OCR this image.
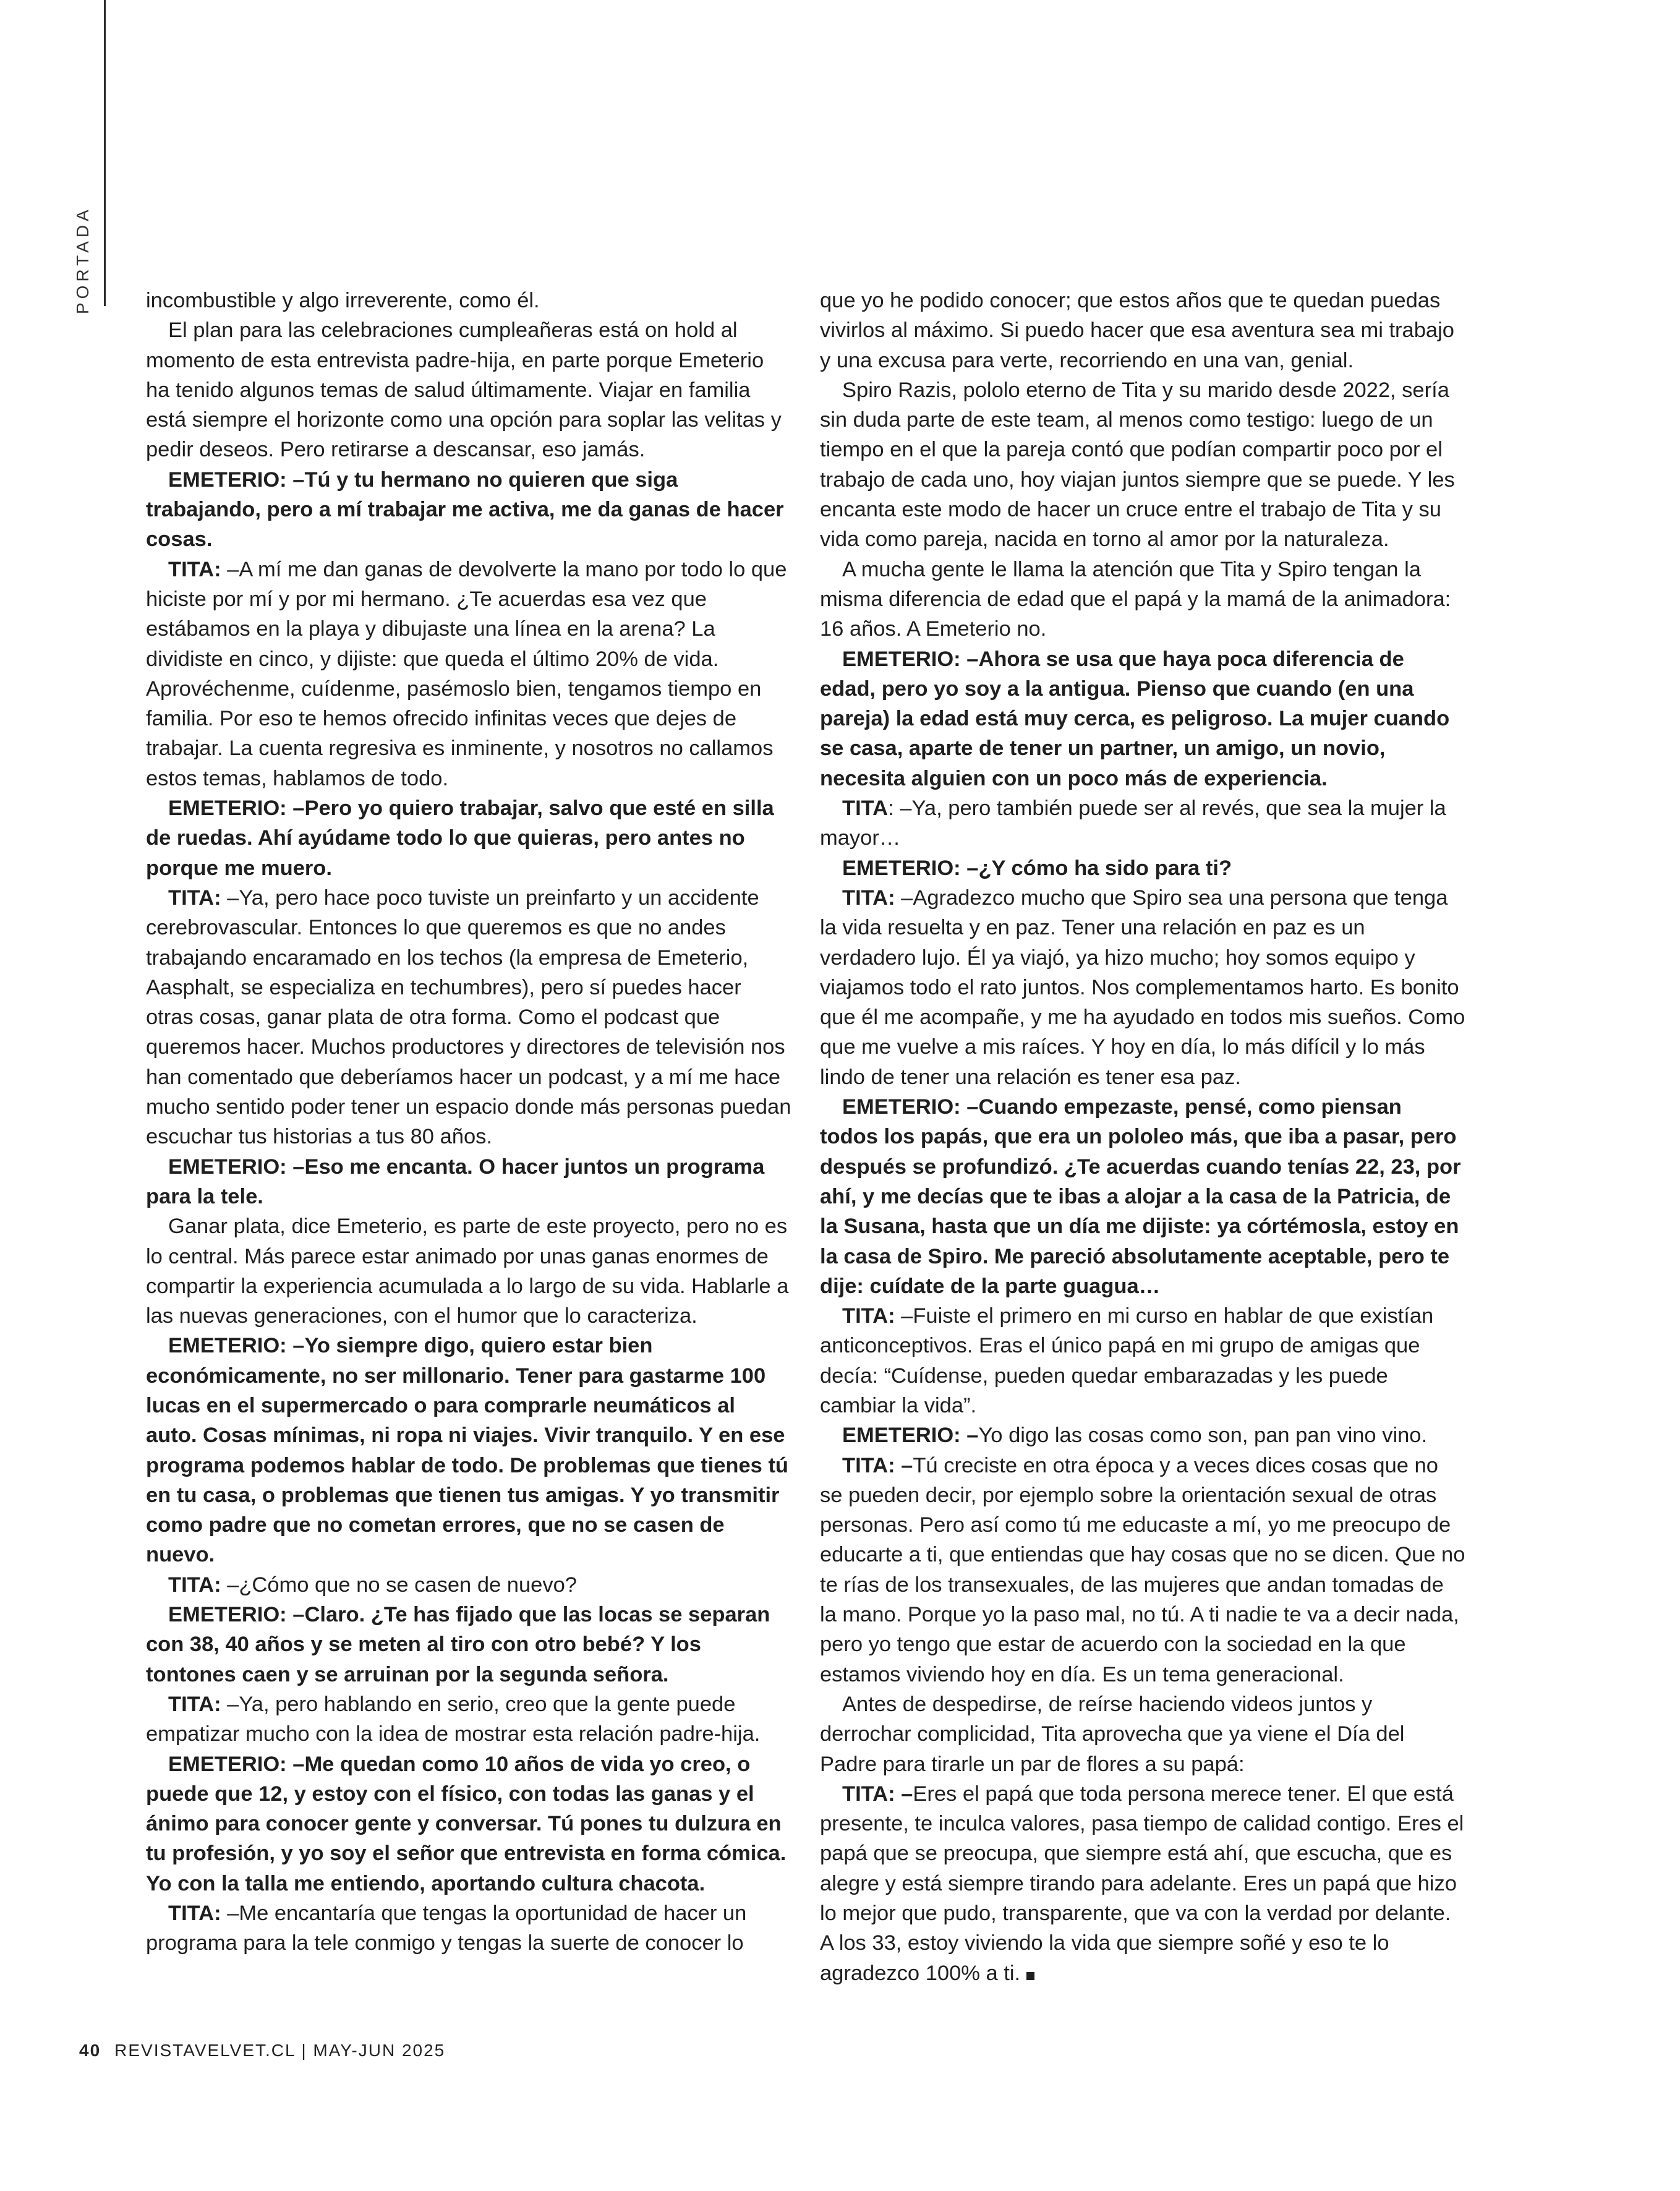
PORTADA	incombustible y algo irreverente, como él.

El plan para las celebraciones cumpleañeras está on hold al momento de esta entrevista padre-hija, en parte porque Emeterio ha tenido algunos temas de salud últimamente. Viajar en familia está siempre el horizonte como una opción para soplar las velitas y pedir deseos. Pero retirarse a descansar, eso jamás.

EMETERIO: –Tú y tu hermano no quieren que siga trabajando, pero a mí trabajar me activa, me da ganas de hacer cosas.

TITA: –A mí me dan ganas de devolverte la mano por todo lo que hiciste por mí y por mi hermano. ¿Te acuerdas esa vez que estábamos en la playa y dibujaste una línea en la arena? La dividiste en cinco, y dijiste: que queda el último 20% de vida. Aprovéchenme, cuídenme, pasémoslo bien, tengamos tiempo en familia. Por eso te hemos ofrecido infinitas veces que dejes de trabajar. La cuenta regresiva es inminente, y nosotros no callamos estos temas, hablamos de todo.

EMETERIO: –Pero yo quiero trabajar, salvo que esté en silla de ruedas. Ahí ayúdame todo lo que quieras, pero antes no porque me muero.

TITA: –Ya, pero hace poco tuviste un preinfarto y un accidente cerebrovascular. Entonces lo que queremos es que no andes trabajando encaramado en los techos (la empresa de Emeterio, Aasphalt, se especializa en techumbres), pero sí puedes hacer otras cosas, ganar plata de otra forma. Como el podcast que queremos hacer. Muchos productores y directores de televisión nos han comentado que deberíamos hacer un podcast, y a mí me hace mucho sentido poder tener un espacio donde más personas puedan escuchar tus historias a tus 80 años.

EMETERIO: –Eso me encanta. O hacer juntos un programa para la tele.

Ganar plata, dice Emeterio, es parte de este proyecto, pero no es lo central. Más parece estar animado por unas ganas enormes de compartir la experiencia acumulada a lo largo de su vida. Hablarle a las nuevas generaciones, con el humor que lo caracteriza.

EMETERIO: –Yo siempre digo, quiero estar bien económicamente, no ser millonario. Tener para gastarme 100 lucas en el supermercado o para comprarle neumáticos al auto. Cosas mínimas, ni ropa ni viajes. Vivir tranquilo. Y en ese programa podemos hablar de todo. De problemas que tienes tú en tu casa, o problemas que tienen tus amigas. Y yo transmitir como padre que no cometan errores, que no se casen de nuevo.

TITA: –¿Cómo que no se casen de nuevo?

EMETERIO: –Claro. ¿Te has fijado que las locas se separan con 38, 40 años y se meten al tiro con otro bebé? Y los tontones caen y se arruinan por la segunda señora.

TITA: –Ya, pero hablando en serio, creo que la gente puede empatizar mucho con la idea de mostrar esta relación padre-hija.

EMETERIO: –Me quedan como 10 años de vida yo creo, o puede que 12, y estoy con el físico, con todas las ganas y el ánimo para conocer gente y conversar. Tú pones tu dulzura en tu profesión, y yo soy el señor que entrevista en forma cómica. Yo con la talla me entiendo, aportando cultura chacota.

TITA: –Me encantaría que tengas la oportunidad de hacer un programa para la tele conmigo y tengas la suerte de conocer lo

que yo he podido conocer; que estos años que te quedan puedas vivirlos al máximo. Si puedo hacer que esa aventura sea mi trabajo y una excusa para verte, recorriendo en una van, genial.

Spiro Razis, pololo eterno de Tita y su marido desde 2022, sería sin duda parte de este team, al menos como testigo: luego de un tiempo en el que la pareja contó que podían compartir poco por el trabajo de cada uno, hoy viajan juntos siempre que se puede. Y les encanta este modo de hacer un cruce entre el trabajo de Tita y su vida como pareja, nacida en torno al amor por la naturaleza.

A mucha gente le llama la atención que Tita y Spiro tengan la misma diferencia de edad que el papá y la mamá de la animadora: 16 años. A Emeterio no.

EMETERIO: –Ahora se usa que haya poca diferencia de edad, pero yo soy a la antigua. Pienso que cuando (en una pareja) la edad está muy cerca, es peligroso. La mujer cuando se casa, aparte de tener un partner, un amigo, un novio, necesita alguien con un poco más de experiencia.

TITA: –Ya, pero también puede ser al revés, que sea la mujer la mayor…

EMETERIO: –¿Y cómo ha sido para ti?

TITA: –Agradezco mucho que Spiro sea una persona que tenga la vida resuelta y en paz. Tener una relación en paz es un verdadero lujo. Él ya viajó, ya hizo mucho; hoy somos equipo y viajamos todo el rato juntos. Nos complementamos harto. Es bonito que él me acompañe, y me ha ayudado en todos mis sueños. Como que me vuelve a mis raíces. Y hoy en día, lo más difícil y lo más lindo de tener una relación es tener esa paz.

EMETERIO: –Cuando empezaste, pensé, como piensan todos los papás, que era un pololeo más, que iba a pasar, pero después se profundizó. ¿Te acuerdas cuando tenías 22, 23, por ahí, y me decías que te ibas a alojar a la casa de la Patricia, de la Susana, hasta que un día me dijiste: ya córtémosla, estoy en la casa de Spiro. Me pareció absolutamente aceptable, pero te dije: cuídate de la parte guagua…

TITA: –Fuiste el primero en mi curso en hablar de que existían anticonceptivos. Eras el único papá en mi grupo de amigas que decía: “Cuídense, pueden quedar embarazadas y les puede cambiar la vida”.

EMETERIO: –Yo digo las cosas como son, pan pan vino vino.

TITA: –Tú creciste en otra época y a veces dices cosas que no se pueden decir, por ejemplo sobre la orientación sexual de otras personas. Pero así como tú me educaste a mí, yo me preocupo de educarte a ti, que entiendas que hay cosas que no se dicen. Que no te rías de los transexuales, de las mujeres que andan tomadas de la mano. Porque yo la paso mal, no tú. A ti nadie te va a decir nada, pero yo tengo que estar de acuerdo con la sociedad en la que estamos viviendo hoy en día. Es un tema generacional.

Antes de despedirse, de reírse haciendo videos juntos y derrochar complicidad, Tita aprovecha que ya viene el Día del Padre para tirarle un par de flores a su papá:

TITA: –Eres el papá que toda persona merece tener. El que está presente, te inculca valores, pasa tiempo de calidad contigo. Eres el papá que se preocupa, que siempre está ahí, que escucha, que es alegre y está siempre tirando para adelante. Eres un papá que hizo lo mejor que pudo, transparente, que va con la verdad por delante. A los 33, estoy viviendo la vida que siempre soñé y eso te lo agradezco 100% a ti.

40 REVISTAVELVET.CL | MAY-JUN 2025
